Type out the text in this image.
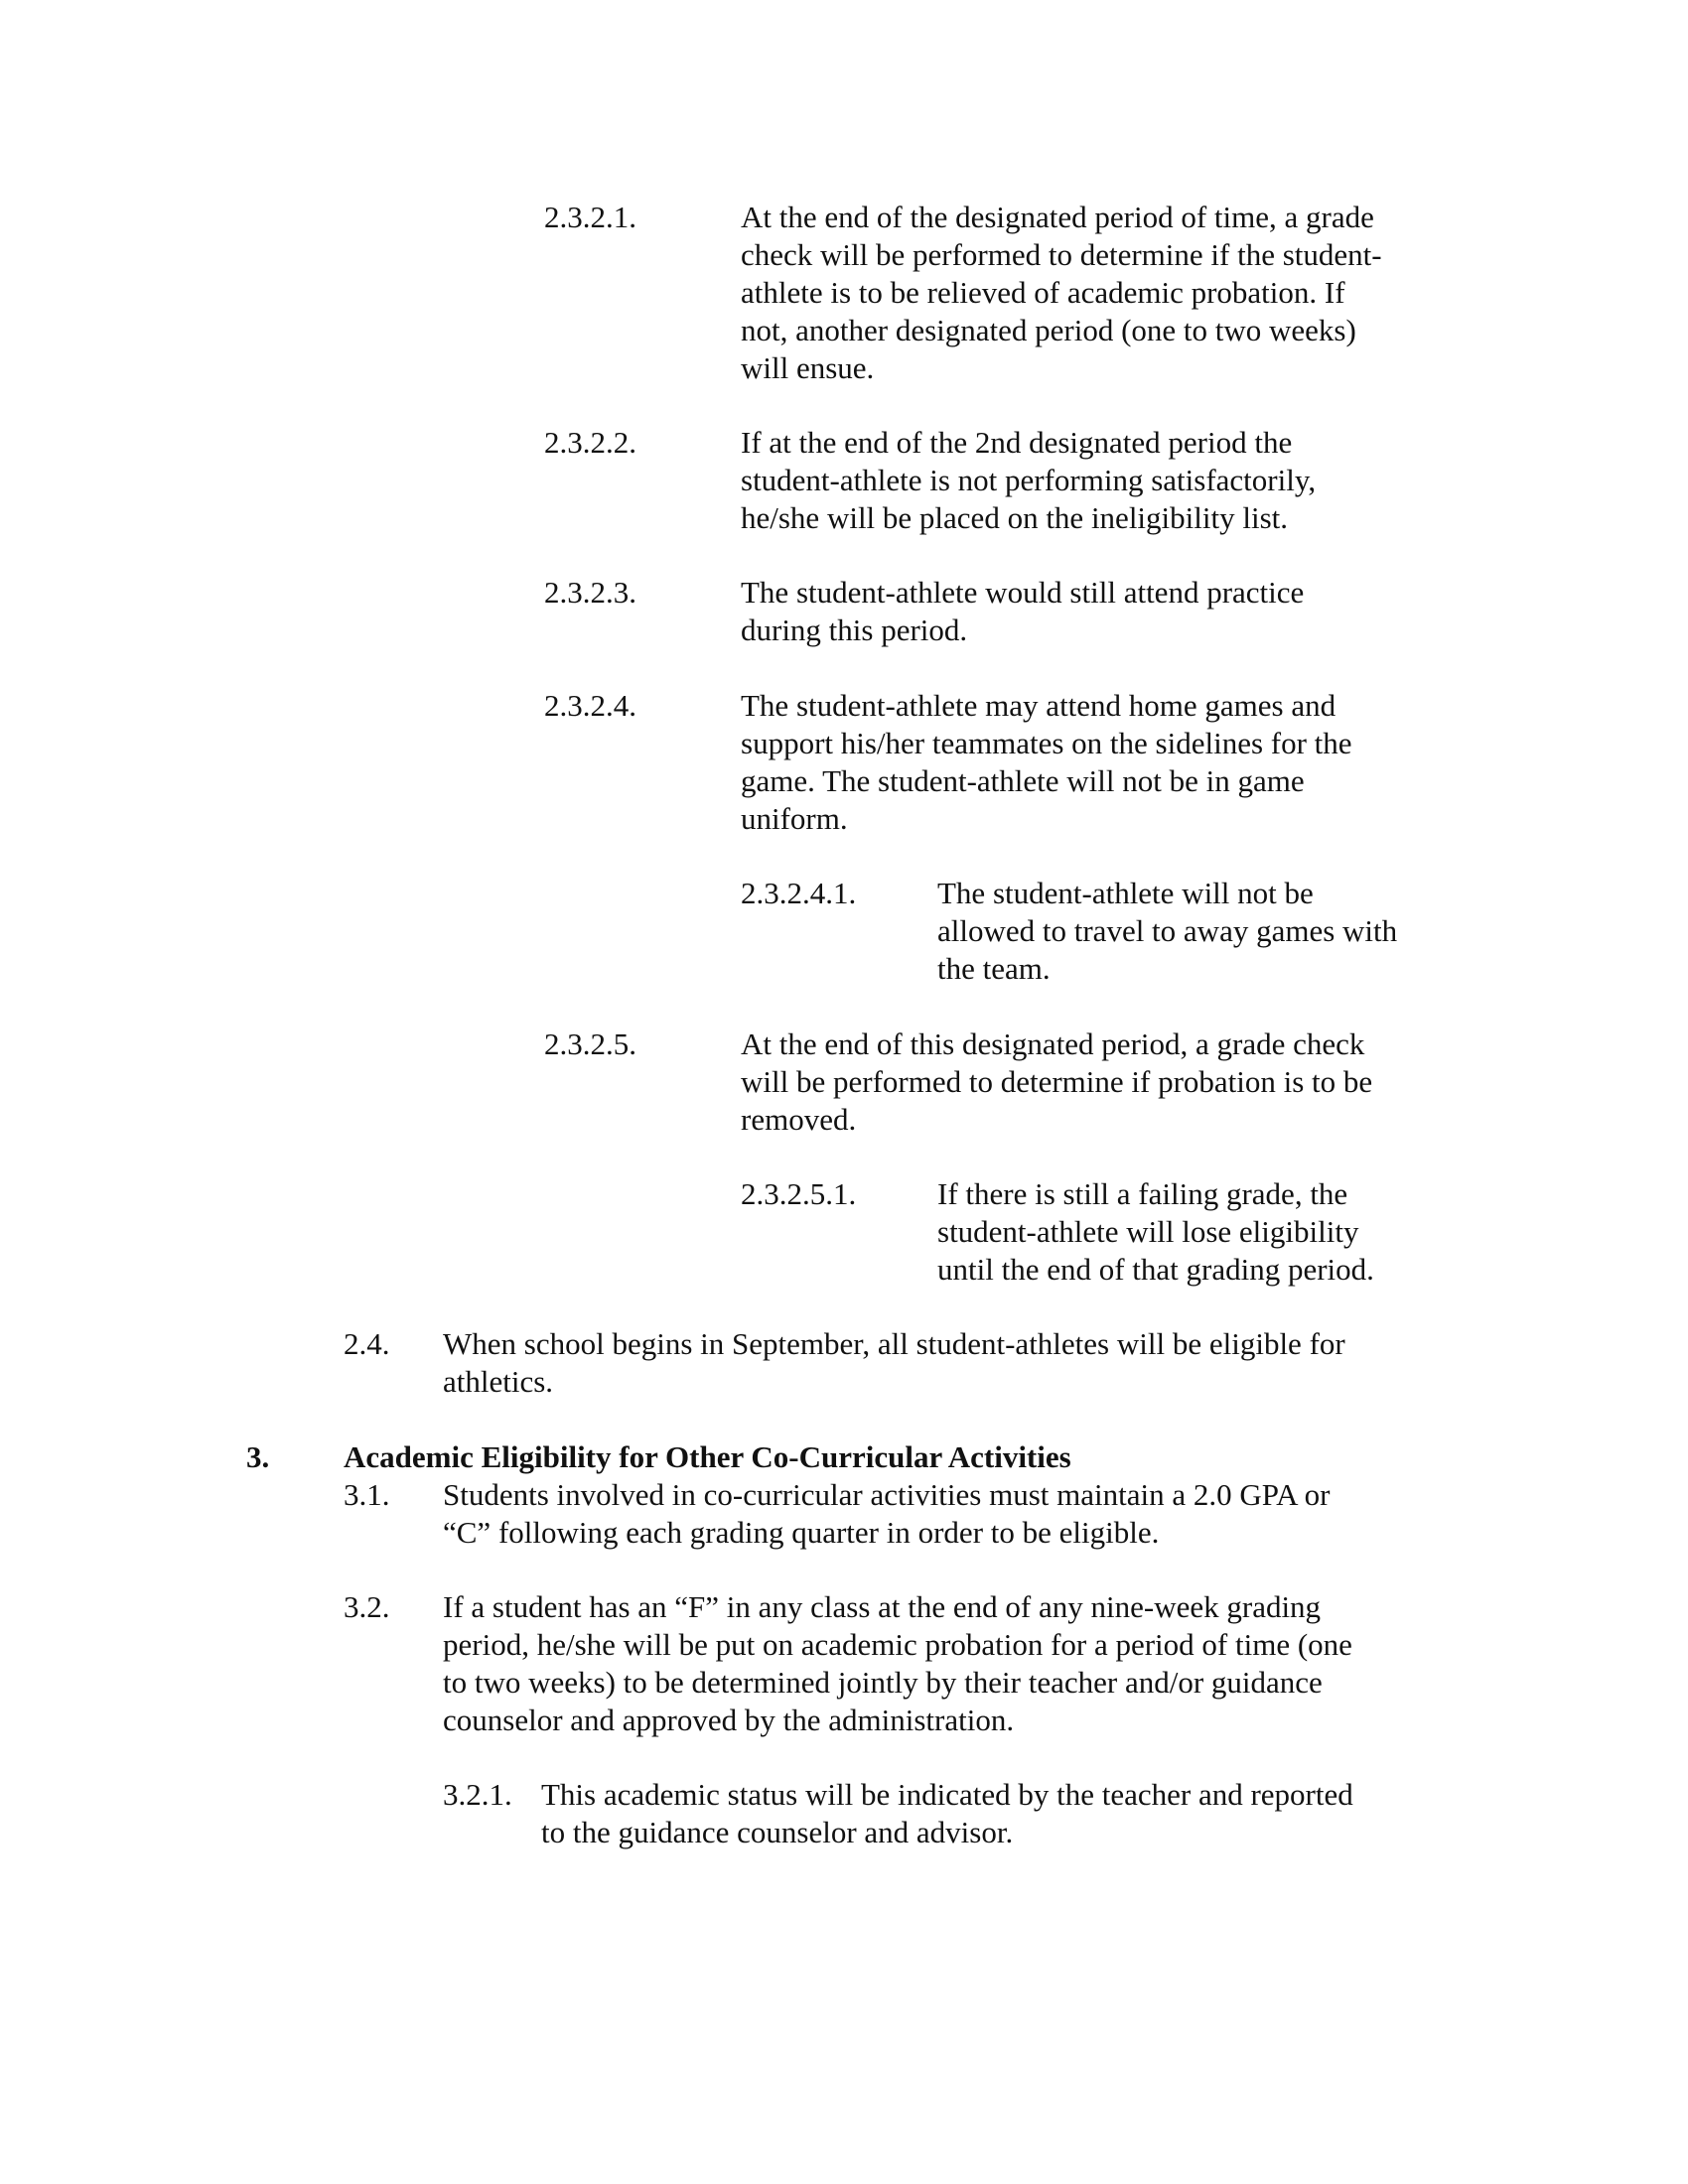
2.3.2.1.	At the end of the designated period of time, a grade

check will be performed to determine if the student-

athlete is to be relieved of academic probation. If

not, another designated period (one to two weeks)

will ensue.

2.3.2.2.	If at the end of the 2nd designated period the

student-athlete is not performing satisfactorily,

he/she will be placed on the ineligibility list.

2.3.2.3.	The student-athlete would still attend practice

during this period.

2.3.2.4.	The student-athlete may attend home games and

support his/her teammates on the sidelines for the

game. The student-athlete will not be in game

uniform.

2.3.2.4.1.	The student-athlete will not be

allowed to travel to away games with

the team.

2.3.2.5.	At the end of this designated period, a grade check

will be performed to determine if probation is to be

removed.

2.3.2.5.1.	If there is still a failing grade, the

student-athlete will lose eligibility

until the end of that grading period.

2.4. When school begins in September, all student-athletes will be eligible for

athletics.

3. Academic Eligibility for Other Co-Curricular Activities

3.1. Students involved in co-curricular activities must maintain a 2.0 GPA or

“C” following each grading quarter in order to be eligible.

3.2. If a student has an “F” in any class at the end of any nine-week grading

period, he/she will be put on academic probation for a period of time (one

to two weeks) to be determined jointly by their teacher and/or guidance

counselor and approved by the administration.

3.2.1. This academic status will be indicated by the teacher and reported

to the guidance counselor and advisor.
